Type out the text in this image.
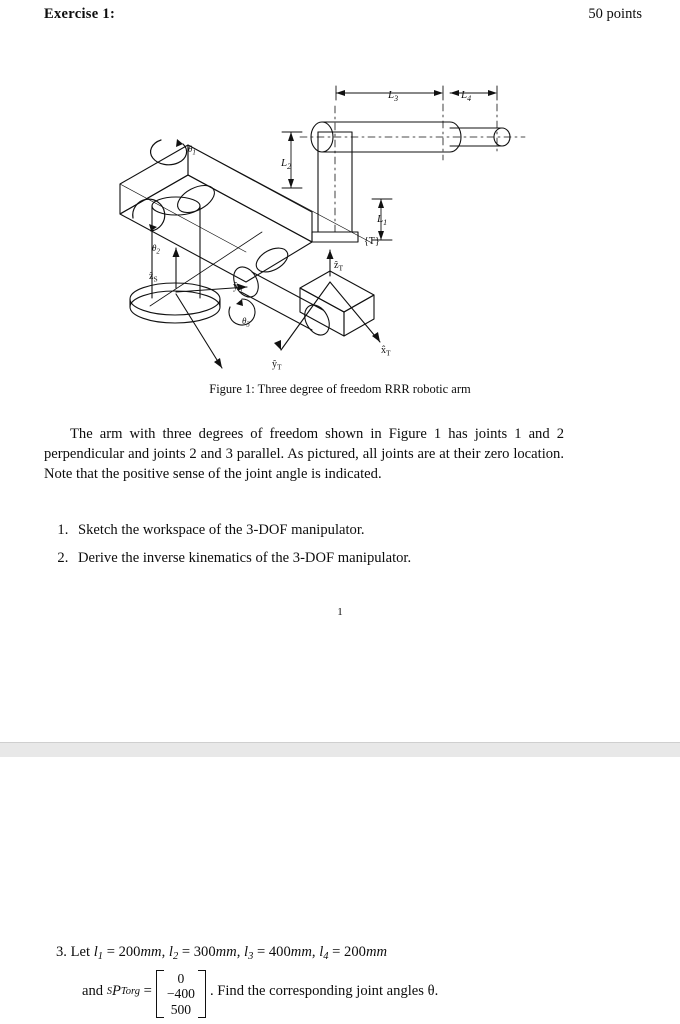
Exercise 1:	50 points
$L_3$	$L_4$
$L_2$
$L_1$
$\theta_1$
$\theta_2$
$\theta_3$
{T}
ẑ$_S$
$ŷ_S$
ẑ$_T$
$ŷ_T$
$x̂_T$
Figure 1: Three degree of freedom RRR robotic arm
The arm with three degrees of freedom shown in Figure 1 has joints 1 and 2 perpendicular and joints 2 and 3 parallel. As pictured, all joints are at their zero location. Note that the positive sense of the joint angle is indicated.
1. Sketch the workspace of the 3-DOF manipulator.
2. Derive the inverse kinematics of the 3-DOF manipulator.
1
3. Let $l_1 = 200mm$, $l_2 = 300mm$, $l_3 = 400mm$, $l_4 = 200mm$
and
S P Torg
=
0
−400
500
. Find the corresponding joint angles θ.
